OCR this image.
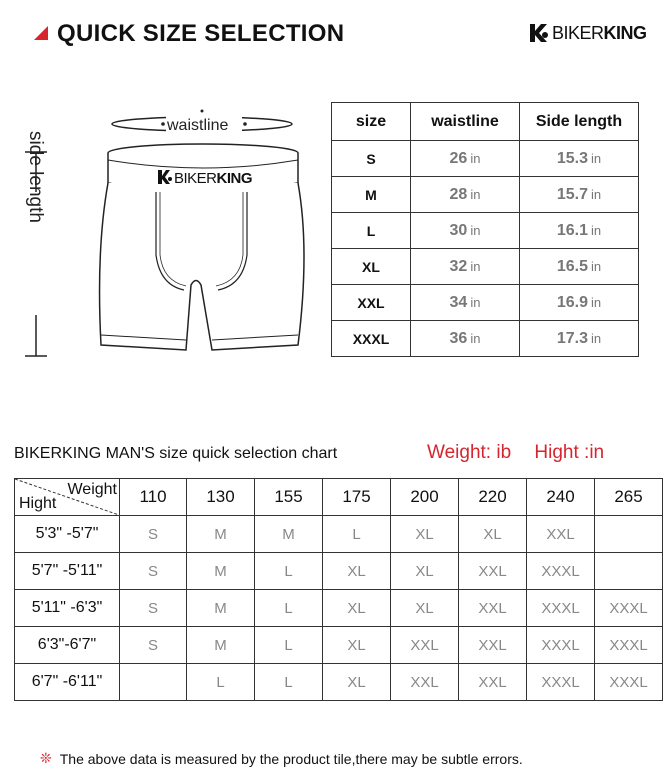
QUICK SIZE SELECTION	BIKERKING
waistline
BIKERKING
side length
size	waistline	Side length
S	26 in	15.3 in
M	28 in	15.7 in
L	30 in	16.1 in
XL	32 in	16.5 in
XXL	34 in	16.9 in
XXXL	36 in	17.3 in
BIKERKING MAN'S size quick selection chart	Weight: ib Hight :in
Weight
Hight	110	130	155	175	200	220	240	265
5'3" -5'7"	S	M	M	L	XL	XL	XXL	
5'7" -5'11"	S	M	L	XL	XL	XXL	XXXL	
5'11" -6'3"	S	M	L	XL	XL	XXL	XXXL	XXXL
6'3"-6'7"	S	M	L	XL	XXL	XXL	XXXL	XXXL
6'7" -6'11"		L	L	XL	XXL	XXL	XXXL	XXXL
❊ The above data is measured by the product tile,there may be subtle errors.
